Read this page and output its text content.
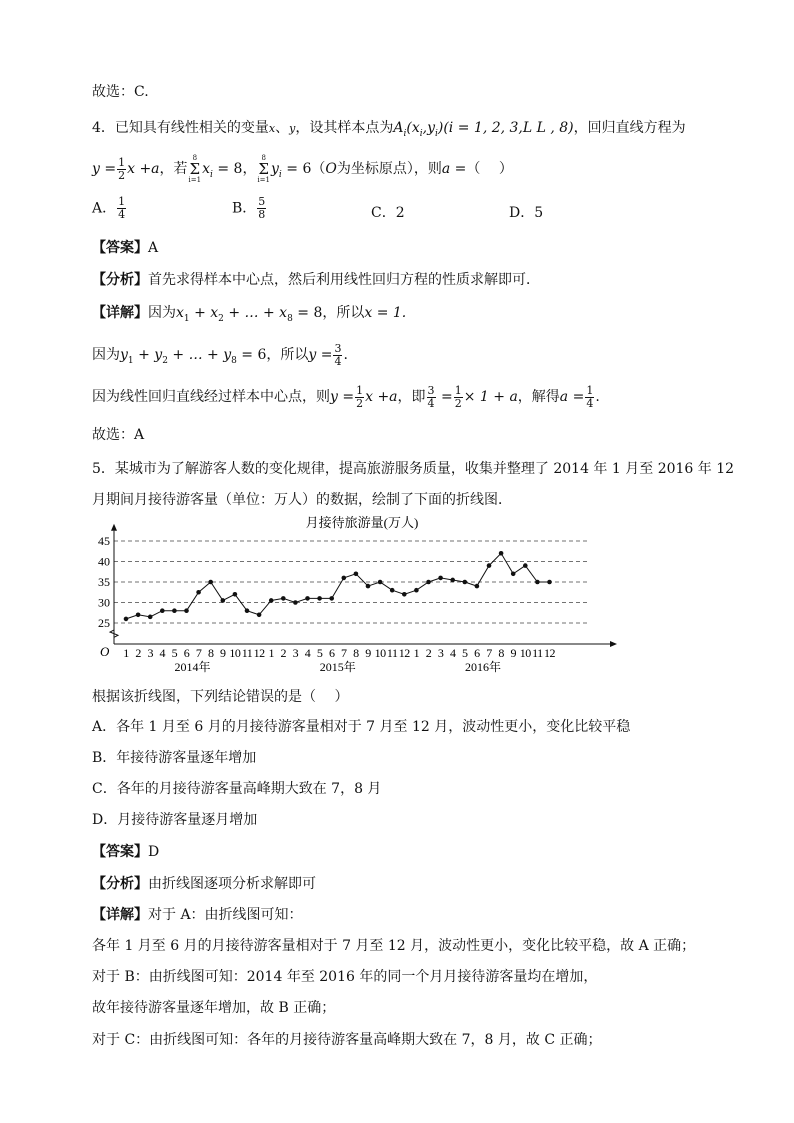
故选：C.
4．已知具有线性相关的变量x、y，设其样本点为$A_i(x_i,y_i)(i = 1$, 2, 3,L L , 8)，回归直线方程为
$y = \frac{1}{2}$ x +a，若
8
Σ
i=1
$x_i = 8$，
8
Σ
i=1
$y_i = 6(O$为坐标原点），则a =（　 ）
A． $\frac{1}{4}$	B． $\frac{5}{8}$	C．2	D．5
【答案】A
【分析】首先求得样本中心点，然后利用线性回归方程的性质求解即可．
【详解】因为$x_1 + x_2$ + … + $x_8 = 8$，所以x = 1.
因为$y_1 + y_2$ + … + $y_8 = 6$，所以$y = \frac{3}{4}$ .
因为线性回归直线经过样本中心点，则$y = \frac{1}{2}$ x +a，即 $\frac{3}{4} = \frac{1}{2} \times 1 + a$，解得$a = \frac{1}{4}$ .
故选：A
5．某城市为了解游客人数的变化规律，提高旅游服务质量，收集并整理了 2014 年 1 月至 2016 年 12
月期间月接待游客量（单位：万人）的数据，绘制了下面的折线图．
月接待旅游量(万人)
45
40
35
30
25
O 1 2 3 4 5 6 7 8 9 10 11 12 1 2 3 4 5 6 7 8 9 10 11 12 1 2 3 4 5 6 7 8 9 10 11 12
2014年	2015年	2016年
根据该折线图，下列结论错误的是（　 ）
A．各年 1 月至 6 月的月接待游客量相对于 7 月至 12 月，波动性更小，变化比较平稳
B．年接待游客量逐年增加
C．各年的月接待游客量高峰期大致在 7，8 月
D．月接待游客量逐月增加
【答案】D
【分析】由折线图逐项分析求解即可
【详解】对于 A：由折线图可知：
各年 1 月至 6 月的月接待游客量相对于 7 月至 12 月，波动性更小，变化比较平稳，故 A 正确；
对于 B：由折线图可知：2014 年至 2016 年的同一个月月接待游客量均在增加，
故年接待游客量逐年增加，故 B 正确；
对于 C：由折线图可知：各年的月接待游客量高峰期大致在 7，8 月，故 C 正确；
